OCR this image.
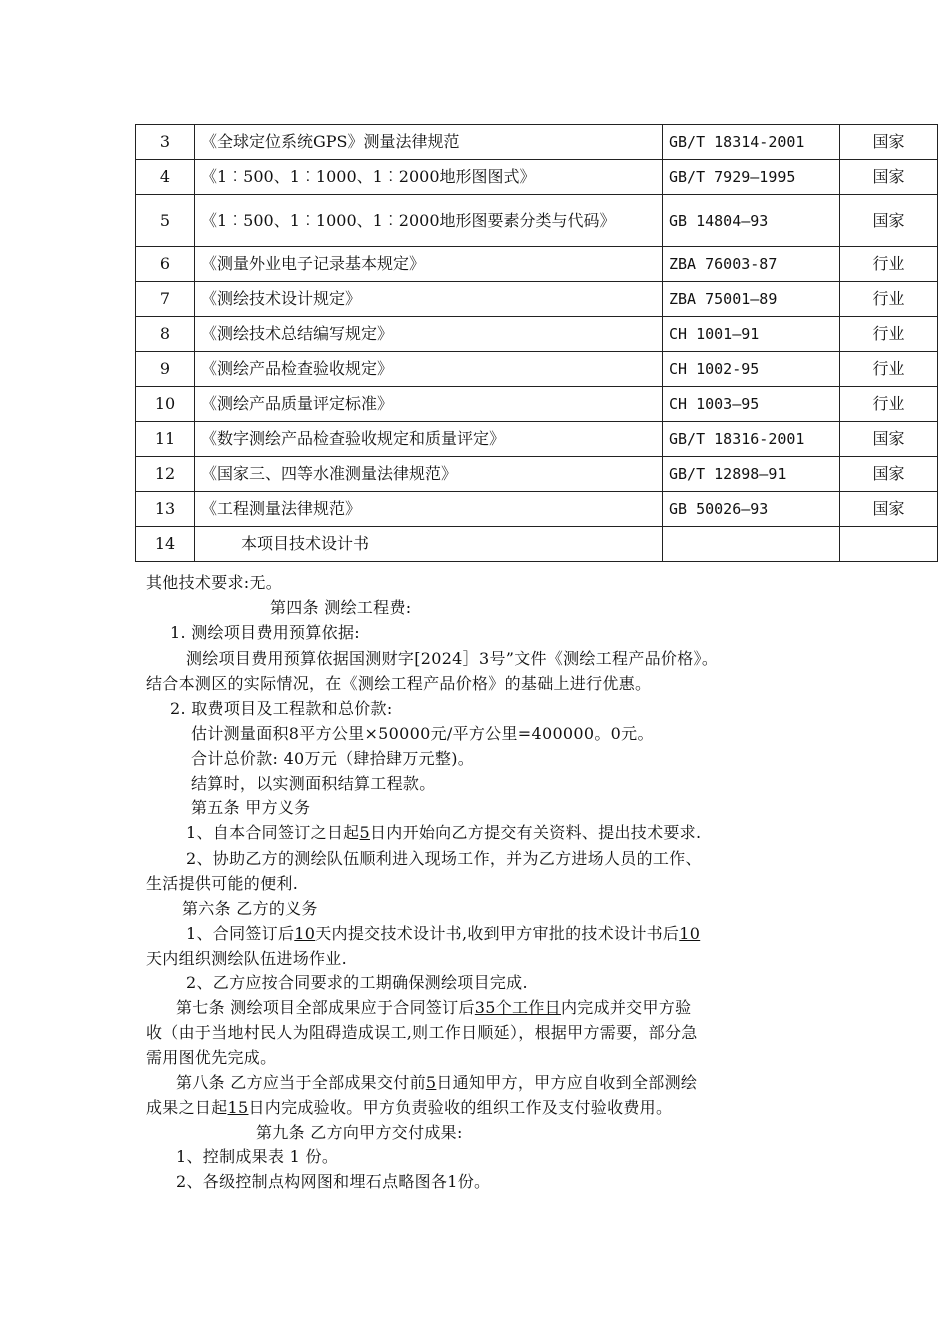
3	《全球定位系统GPS》测量法律规范	GB/T 18314-2001	国家
4	《1︰500、1︰1000、1︰2000地形图图式》	GB/T 7929—1995	国家
5	《1︰500、1︰1000、1︰2000地形图要素分类与代码》	GB 14804—93	国家
6	《测量外业电子记录基本规定》	ZBA 76003-87	行业
7	《测绘技术设计规定》	ZBA 75001—89	行业
8	《测绘技术总结编写规定》	CH 1001—91	行业
9	《测绘产品检查验收规定》	CH 1002-95	行业
10	《测绘产品质量评定标准》	CH 1003—95	行业
11	《数字测绘产品检查验收规定和质量评定》	GB/T 18316-2001	国家
12	《国家三、四等水准测量法律规范》	GB/T 12898—91	国家
13	《工程测量法律规范》	GB 50026—93	国家
14	本项目技术设计书		
其他技术要求:无。
第四条 测绘工程费:
1. 测绘项目费用预算依据:
测绘项目费用预算依据国测财字[2024］3号”文件《测绘工程产品价格》。
结合本测区的实际情况，在《测绘工程产品价格》的基础上进行优惠。
2. 取费项目及工程款和总价款:
估计测量面积8平方公里×50000元/平方公里=400000。0元。
合计总价款: 40万元（肆拾肆万元整)。
结算时，以实测面积结算工程款。
第五条 甲方义务
1、自本合同签订之日起5日内开始向乙方提交有关资料、提出技术要求.
2、协助乙方的测绘队伍顺利进入现场工作，并为乙方进场人员的工作、
生活提供可能的便利.
第六条 乙方的义务
1、合同签订后10天内提交技术设计书,收到甲方审批的技术设计书后10
天内组织测绘队伍进场作业.
2、乙方应按合同要求的工期确保测绘项目完成.
第七条 测绘项目全部成果应于合同签订后35个工作日内完成并交甲方验
收（由于当地村民人为阻碍造成误工,则工作日顺延），根据甲方需要，部分急
需用图优先完成。
第八条 乙方应当于全部成果交付前5日通知甲方，甲方应自收到全部测绘
成果之日起15日内完成验收。甲方负责验收的组织工作及支付验收费用。
第九条 乙方向甲方交付成果:
1、控制成果表 1 份。
2、各级控制点构网图和埋石点略图各1份。
